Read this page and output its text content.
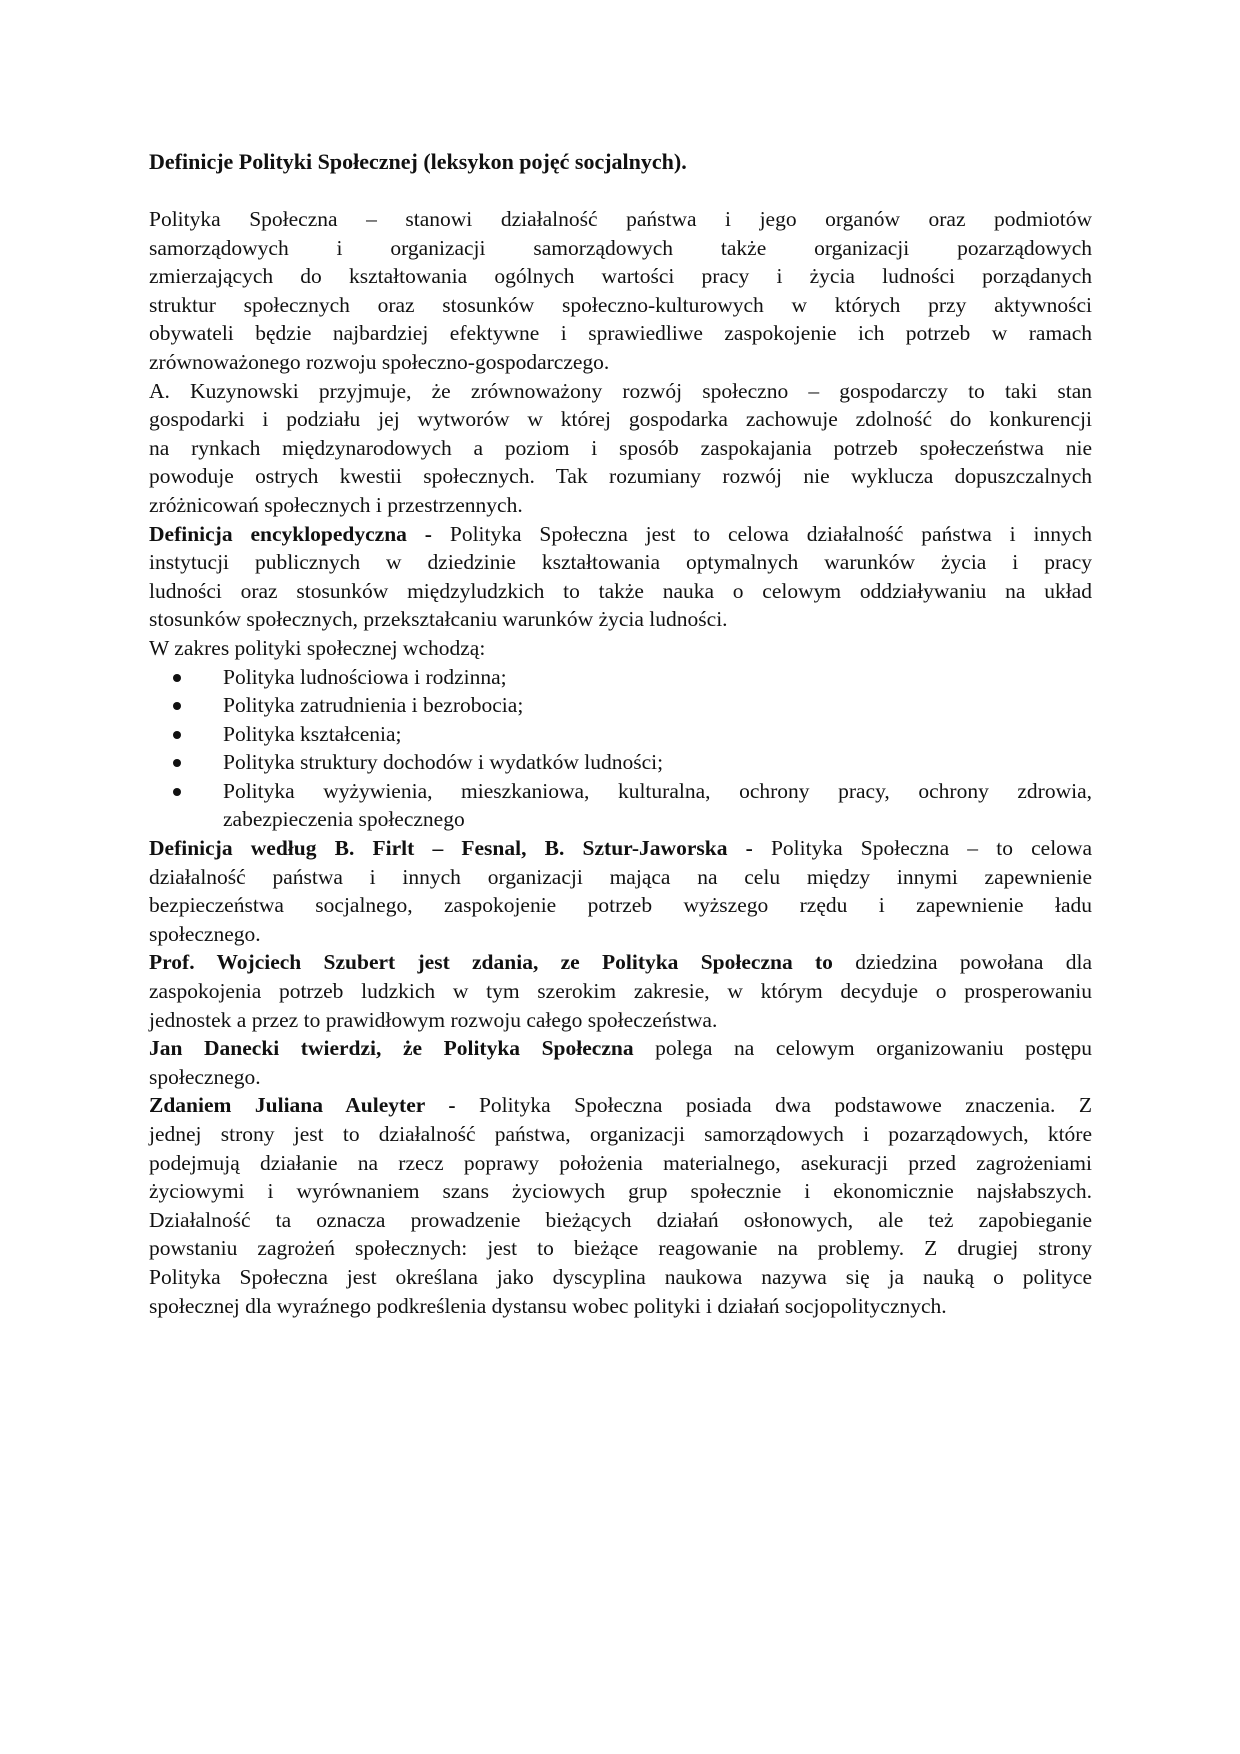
Definicje Polityki Społecznej (leksykon pojęć socjalnych).
Polityka Społeczna – stanowi działalność państwa i jego organów oraz podmiotów
samorządowych i organizacji samorządowych także organizacji pozarządowych
zmierzających do kształtowania ogólnych wartości pracy i życia ludności porządanych
struktur społecznych oraz stosunków społeczno-kulturowych w których przy aktywności
obywateli będzie najbardziej efektywne i sprawiedliwe zaspokojenie ich potrzeb w ramach
zrównoważonego rozwoju społeczno-gospodarczego.
A. Kuzynowski przyjmuje, że zrównoważony rozwój społeczno – gospodarczy to taki stan
gospodarki i podziału jej wytworów w której gospodarka zachowuje zdolność do konkurencji
na rynkach międzynarodowych a poziom i sposób zaspokajania potrzeb społeczeństwa nie
powoduje ostrych kwestii społecznych. Tak rozumiany rozwój nie wyklucza dopuszczalnych
zróżnicowań społecznych i przestrzennych.
Definicja encyklopedyczna - Polityka Społeczna jest to celowa działalność państwa i innych
instytucji publicznych w dziedzinie kształtowania optymalnych warunków życia i pracy
ludności oraz stosunków międzyludzkich to także nauka o celowym oddziaływaniu na układ
stosunków społecznych, przekształcaniu warunków życia ludności.
W zakres polityki społecznej wchodzą:
Polityka ludnościowa i rodzinna;
Polityka zatrudnienia i bezrobocia;
Polityka kształcenia;
Polityka struktury dochodów i wydatków ludności;
Polityka wyżywienia, mieszkaniowa, kulturalna, ochrony pracy, ochrony zdrowia,
zabezpieczenia społecznego
Definicja według B. Firlt – Fesnal, B. Sztur-Jaworska - Polityka Społeczna – to celowa
działalność państwa i innych organizacji mająca na celu między innymi zapewnienie
bezpieczeństwa socjalnego, zaspokojenie potrzeb wyższego rzędu i zapewnienie ładu
społecznego.
Prof. Wojciech Szubert jest zdania, ze Polityka Społeczna to dziedzina powołana dla
zaspokojenia potrzeb ludzkich w tym szerokim zakresie, w którym decyduje o prosperowaniu
jednostek a przez to prawidłowym rozwoju całego społeczeństwa.
Jan Danecki twierdzi, że Polityka Społeczna polega na celowym organizowaniu postępu
społecznego.
Zdaniem Juliana Auleyter - Polityka Społeczna posiada dwa podstawowe znaczenia. Z
jednej strony jest to działalność państwa, organizacji samorządowych i pozarządowych, które
podejmują działanie na rzecz poprawy położenia materialnego, asekuracji przed zagrożeniami
życiowymi i wyrównaniem szans życiowych grup społecznie i ekonomicznie najsłabszych.
Działalność ta oznacza prowadzenie bieżących działań osłonowych, ale też zapobieganie
powstaniu zagrożeń społecznych: jest to bieżące reagowanie na problemy. Z drugiej strony
Polityka Społeczna jest określana jako dyscyplina naukowa nazywa się ja nauką o polityce
społecznej dla wyraźnego podkreślenia dystansu wobec polityki i działań socjopolitycznych.
